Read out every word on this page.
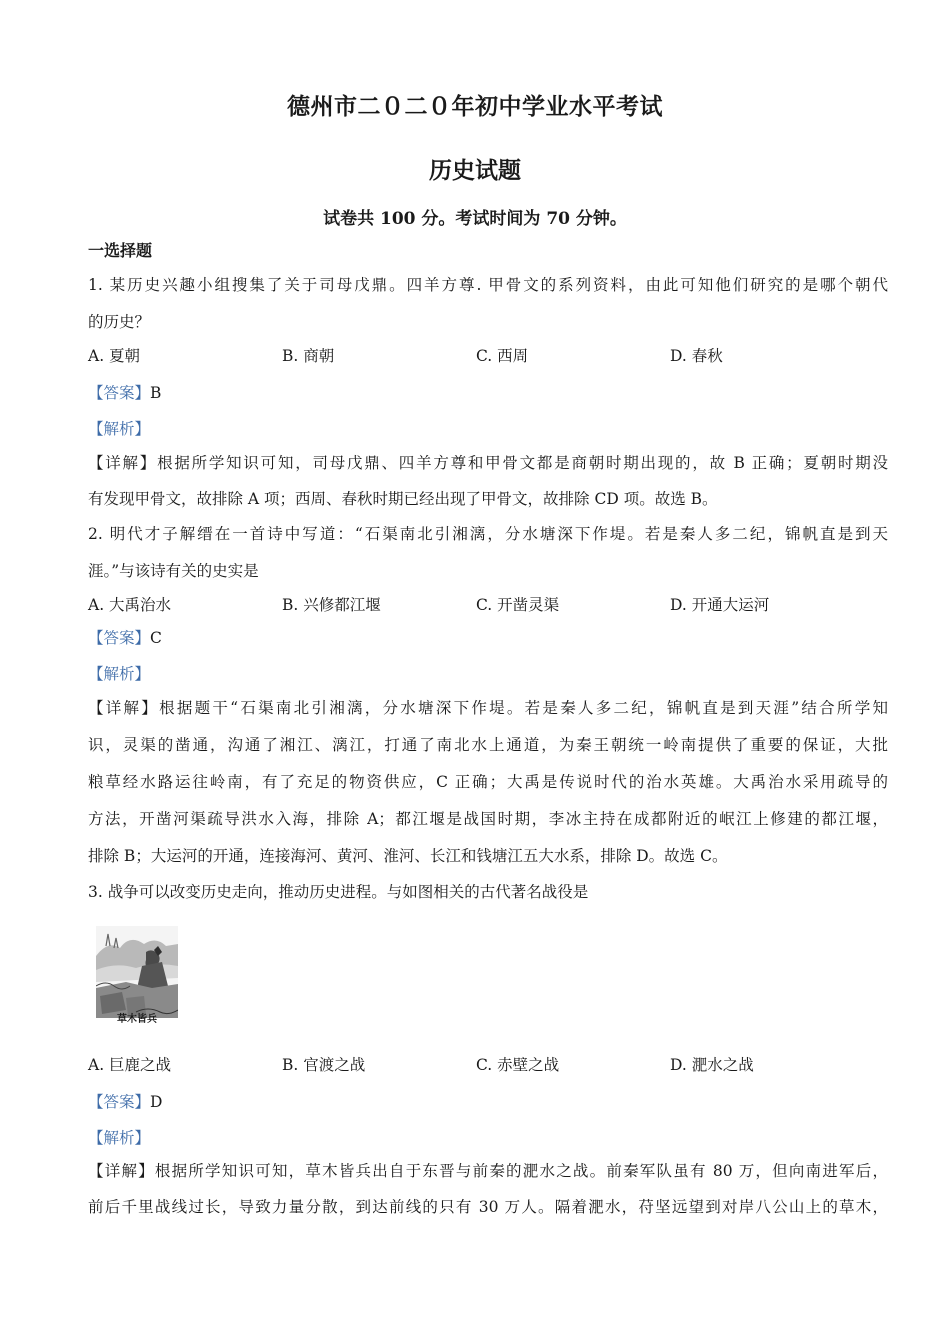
德州市二０二０年初中学业水平考试
历史试题
试卷共 100 分。考试时间为 70 分钟。
一选择题
1. 某历史兴趣小组搜集了关于司母戊鼎。四羊方尊. 甲骨文的系列资料，由此可知他们研究的是哪个朝代
的历史？
A. 夏朝	B. 商朝	C. 西周	D. 春秋
【答案】B
【解析】
【详解】根据所学知识可知，司母戊鼎、四羊方尊和甲骨文都是商朝时期出现的，故 B 正确；夏朝时期没
有发现甲骨文，故排除 A 项；西周、春秋时期已经出现了甲骨文，故排除 CD 项。故选 B。
2. 明代才子解缙在一首诗中写道：“石渠南北引湘漓，分水塘深下作堤。若是秦人多二纪，锦帆直是到天
涯。”与该诗有关的史实是
A. 大禹治水	B. 兴修都江堰	C. 开凿灵渠	D. 开通大运河
【答案】C
【解析】
【详解】根据题干“石渠南北引湘漓，分水塘深下作堤。若是秦人多二纪，锦帆直是到天涯”结合所学知
识，灵渠的凿通，沟通了湘江、漓江，打通了南北水上通道，为秦王朝统一岭南提供了重要的保证，大批
粮草经水路运往岭南，有了充足的物资供应，C 正确；大禹是传说时代的治水英雄。大禹治水采用疏导的
方法，开凿河渠疏导洪水入海，排除 A；都江堰是战国时期，李冰主持在成都附近的岷江上修建的都江堰，
排除 B；大运河的开通，连接海河、黄河、淮河、长江和钱塘江五大水系，排除 D。故选 C。
3. 战争可以改变历史走向，推动历史进程。与如图相关的古代著名战役是
草木皆兵
A. 巨鹿之战	B. 官渡之战	C. 赤壁之战	D. 淝水之战
【答案】D
【解析】
【详解】根据所学知识可知，草木皆兵出自于东晋与前秦的淝水之战。前秦军队虽有 80 万，但向南进军后，
前后千里战线过长，导致力量分散，到达前线的只有 30 万人。隔着淝水，苻坚远望到对岸八公山上的草木，
